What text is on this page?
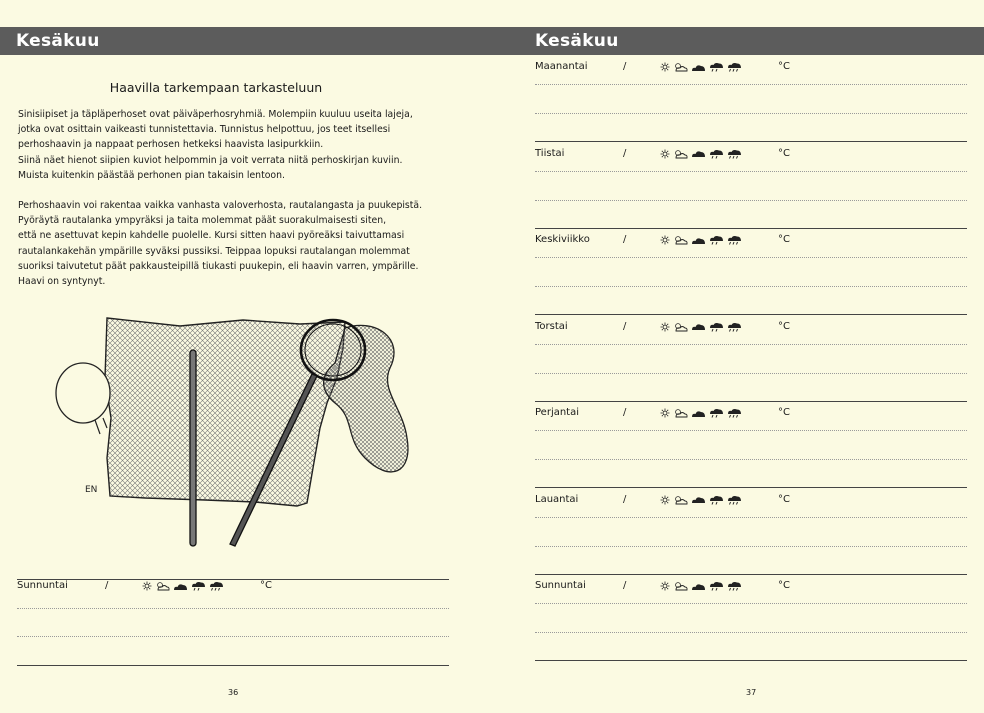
Kesäkuu
Haavilla tarkempaan tarkasteluun
Sinisiipiset ja täpläperhoset ovat päiväperhosryhmiä. Molempiin kuuluu useita lajeja,
jotka ovat osittain vaikeasti tunnistettavia. Tunnistus helpottuu, jos teet itsellesi
perhoshaavin ja nappaat perhosen hetkeksi haavista lasipurkkiin.
Siinä näet hienot siipien kuviot helpommin ja voit verrata niitä perhoskirjan kuviin.
Muista kuitenkin päästää perhonen pian takaisin lentoon.
Perhoshaavin voi rakentaa vaikka vanhasta valoverhosta, rautalangasta ja puukepistä.
Pyöräytä rautalanka ympyräksi ja taita molemmat päät suorakulmaisesti siten,
että ne asettuvat kepin kahdelle puolelle. Kursi sitten haavi pyöreäksi taivuttamasi
rautalankakehän ympärille syväksi pussiksi. Teippaa lopuksi rautalangan molemmat
suoriksi taivutetut päät pakkausteipillä tiukasti puukepin, eli haavin varren, ympärille.
Haavi on syntynyt.
EN
Sunnuntai	/	°C
36
Kesäkuu
Maanantai	/	°C
Tiistai	/	°C
Keskiviikko	/	°C
Torstai	/	°C
Perjantai	/	°C
Lauantai	/	°C
Sunnuntai	/	°C
37
